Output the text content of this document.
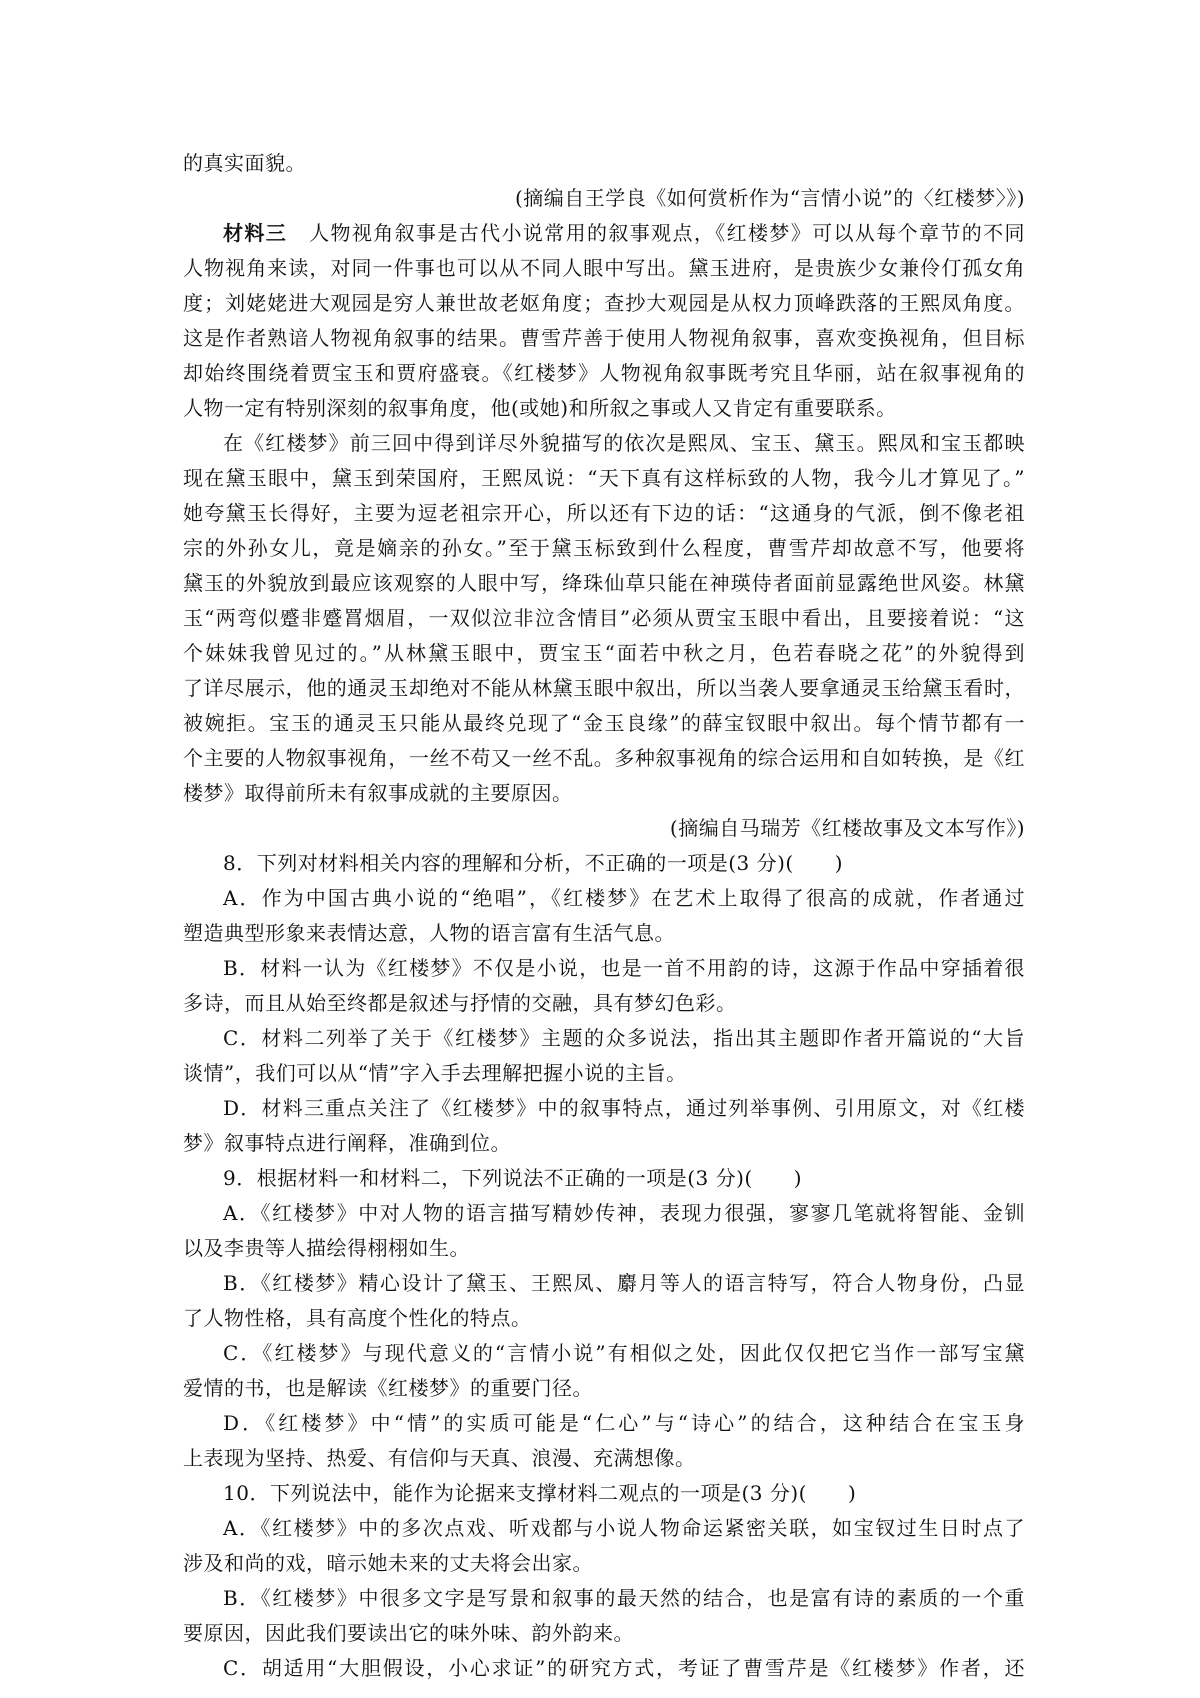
的真实面貌。
(摘编自王学良《如何赏析作为“言情小说”的〈红楼梦〉》)
材料三 人物视角叙事是古代小说常用的叙事观点，《红楼梦》可以从每个章节的不同
人物视角来读，对同一件事也可以从不同人眼中写出。黛玉进府，是贵族少女兼伶仃孤女角
度；刘姥姥进大观园是穷人兼世故老妪角度；查抄大观园是从权力顶峰跌落的王熙凤角度。
这是作者熟谙人物视角叙事的结果。曹雪芹善于使用人物视角叙事，喜欢变换视角，但目标
却始终围绕着贾宝玉和贾府盛衰。《红楼梦》人物视角叙事既考究且华丽，站在叙事视角的
人物一定有特别深刻的叙事角度，他(或她)和所叙之事或人又肯定有重要联系。
在《红楼梦》前三回中得到详尽外貌描写的依次是熙凤、宝玉、黛玉。熙凤和宝玉都映
现在黛玉眼中，黛玉到荣国府，王熙凤说：“天下真有这样标致的人物，我今儿才算见了。”
她夸黛玉长得好，主要为逗老祖宗开心，所以还有下边的话：“这通身的气派，倒不像老祖
宗的外孙女儿，竟是嫡亲的孙女。”至于黛玉标致到什么程度，曹雪芹却故意不写，他要将
黛玉的外貌放到最应该观察的人眼中写，绛珠仙草只能在神瑛侍者面前显露绝世风姿。林黛
玉“两弯似蹙非蹙罥烟眉，一双似泣非泣含情目”必须从贾宝玉眼中看出，且要接着说：“这
个妹妹我曾见过的。”从林黛玉眼中，贾宝玉“面若中秋之月，色若春晓之花”的外貌得到
了详尽展示，他的通灵玉却绝对不能从林黛玉眼中叙出，所以当袭人要拿通灵玉给黛玉看时，
被婉拒。宝玉的通灵玉只能从最终兑现了“金玉良缘”的薛宝钗眼中叙出。每个情节都有一
个主要的人物叙事视角，一丝不苟又一丝不乱。多种叙事视角的综合运用和自如转换，是《红
楼梦》取得前所未有叙事成就的主要原因。
(摘编自马瑞芳《红楼故事及文本写作》)
8．下列对材料相关内容的理解和分析，不正确的一项是(3 分)(　　)
A．作为中国古典小说的“绝唱”，《红楼梦》在艺术上取得了很高的成就，作者通过
塑造典型形象来表情达意，人物的语言富有生活气息。
B．材料一认为《红楼梦》不仅是小说，也是一首不用韵的诗，这源于作品中穿插着很
多诗，而且从始至终都是叙述与抒情的交融，具有梦幻色彩。
C．材料二列举了关于《红楼梦》主题的众多说法，指出其主题即作者开篇说的“大旨
谈情”，我们可以从“情”字入手去理解把握小说的主旨。
D．材料三重点关注了《红楼梦》中的叙事特点，通过列举事例、引用原文，对《红楼
梦》叙事特点进行阐释，准确到位。
9．根据材料一和材料二，下列说法不正确的一项是(3 分)(　　)
A．《红楼梦》中对人物的语言描写精妙传神，表现力很强，寥寥几笔就将智能、金钏
以及李贵等人描绘得栩栩如生。
B．《红楼梦》精心设计了黛玉、王熙凤、麝月等人的语言特写，符合人物身份，凸显
了人物性格，具有高度个性化的特点。
C．《红楼梦》与现代意义的“言情小说”有相似之处，因此仅仅把它当作一部写宝黛
爱情的书，也是解读《红楼梦》的重要门径。
D．《红楼梦》中“情”的实质可能是“仁心”与“诗心”的结合，这种结合在宝玉身
上表现为坚持、热爱、有信仰与天真、浪漫、充满想像。
10．下列说法中，能作为论据来支撑材料二观点的一项是(3 分)(　　)
A．《红楼梦》中的多次点戏、听戏都与小说人物命运紧密关联，如宝钗过生日时点了
涉及和尚的戏，暗示她未来的丈夫将会出家。
B．《红楼梦》中很多文字是写景和叙事的最天然的结合，也是富有诗的素质的一个重
要原因，因此我们要读出它的味外味、韵外韵来。
C．胡适用“大胆假设，小心求证”的研究方式，考证了曹雪芹是《红楼梦》作者，还
